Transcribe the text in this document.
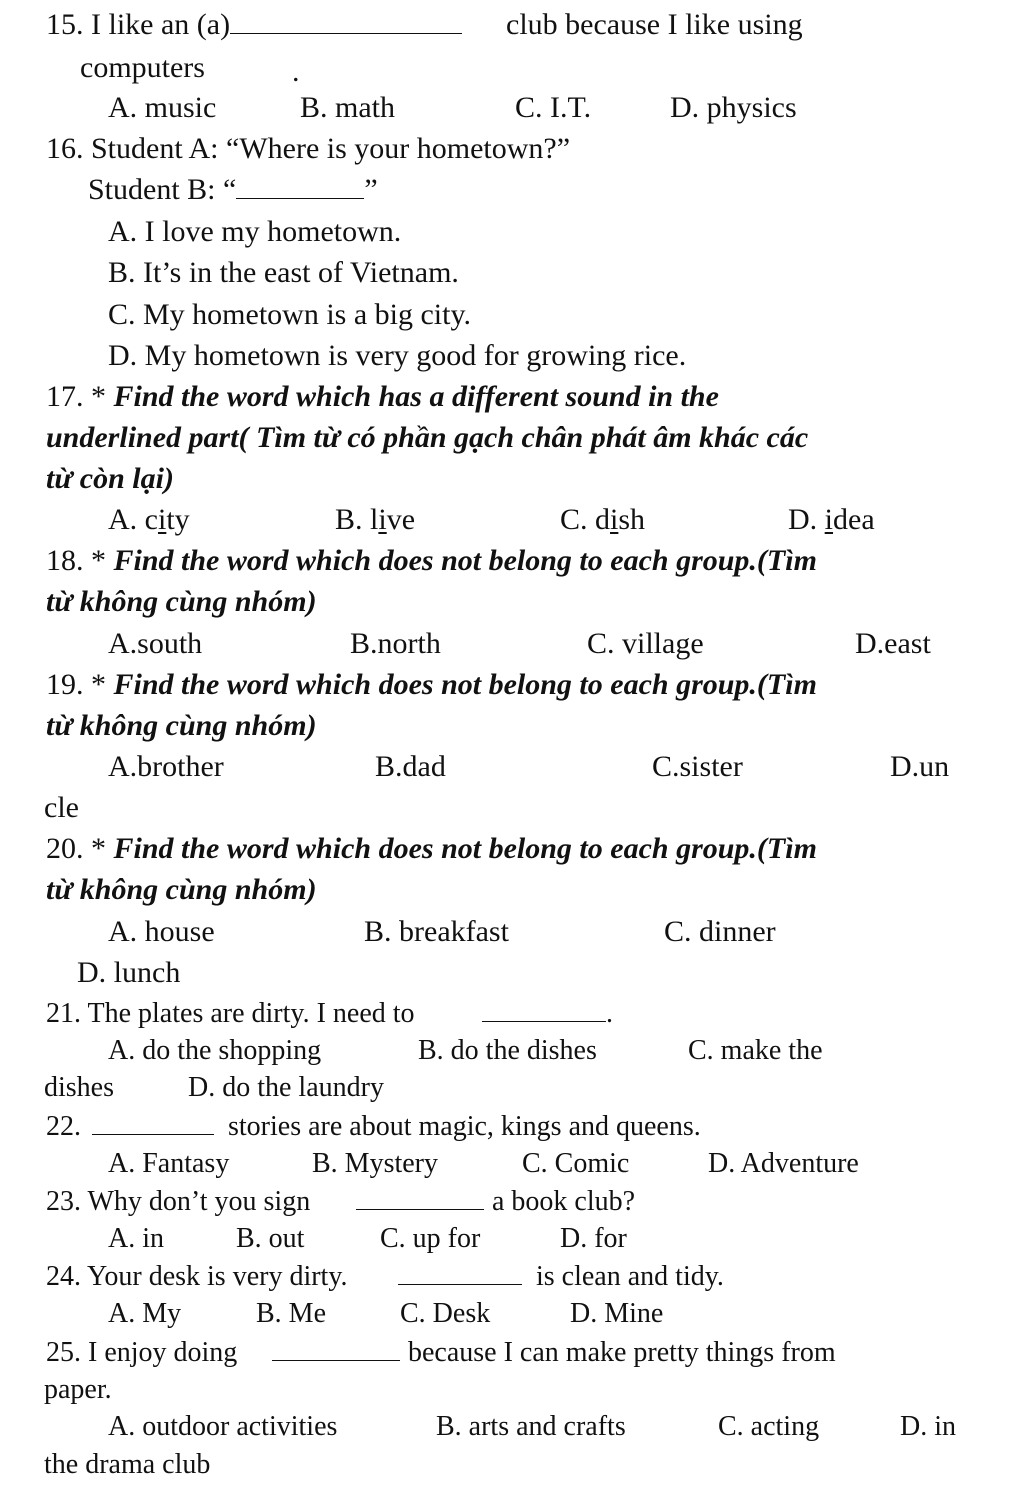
15. I like an (a)	club because I like using
computers	.
A. music	B. math	C. I.T.	D. physics
16. Student A: “Where is your hometown?”
Student B: “	”
A. I love my hometown.
B. It’s in the east of Vietnam.
C. My hometown is a big city.
D. My hometown is very good for growing rice.
17. * Find the word which has a different sound in the
underlined part( Tìm từ có phần gạch chân phát âm khác các
từ còn lại)
A. city	B. live	C. dish	D. idea
18. * Find the word which does not belong to each group.(Tìm
từ không cùng nhóm)
A.south	B.north	C. village	D.east
19. * Find the word which does not belong to each group.(Tìm
từ không cùng nhóm)
A.brother	B.dad	C.sister	D.un
cle
20. * Find the word which does not belong to each group.(Tìm
từ không cùng nhóm)
A. house	B. breakfast	C. dinner
D. lunch
21. The plates are dirty. I need to	.
A. do the shopping	B. do the dishes	C. make the
dishes	D. do the laundry
22.	stories are about magic, kings and queens.
A. Fantasy	B. Mystery	C. Comic	D. Adventure
23. Why don’t you sign	a book club?
A. in	B. out	C. up for	D. for
24. Your desk is very dirty.	is clean and tidy.
A. My	B. Me	C. Desk	D. Mine
25. I enjoy doing	because I can make pretty things from
paper.
A. outdoor activities	B. arts and crafts	C. acting	D. in
the drama club
